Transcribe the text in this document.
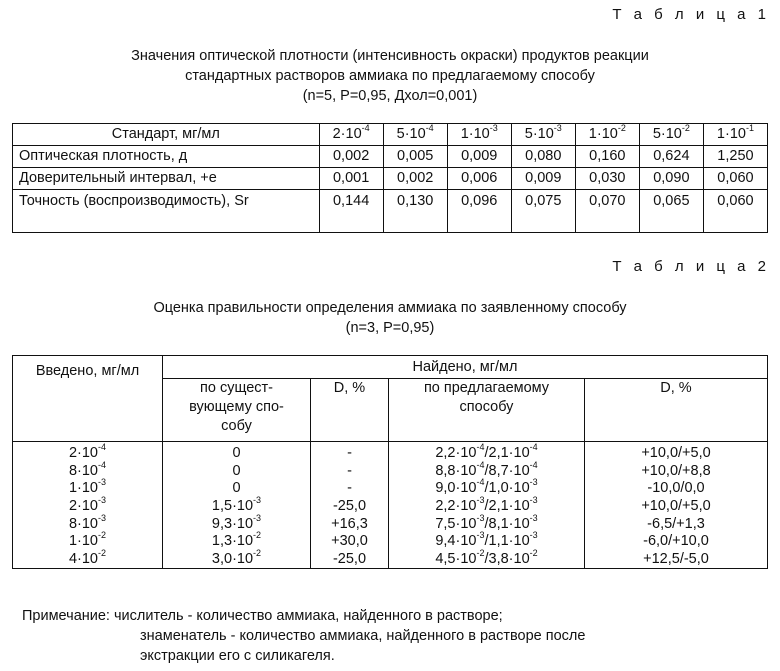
Т а б л и ц а 1
Значения оптической плотности (интенсивность окраски) продуктов реакции
стандартных растворов аммиака по предлагаемому способу
(n=5, P=0,95, Дхол=0,001)
Стандарт, мг/мл	$2\cdot 10^{-4}$	$5\cdot 10^{-4}$	$1\cdot 10^{-3}$	$5\cdot 10^{-3}$	$1\cdot 10^{-2}$	$5\cdot 10^{-2}$	$1\cdot 10^{-1}$
Оптическая плотность, д	0,002	0,005	0,009	0,080	0,160	0,624	1,250
Доверительный интервал, +е	0,001	0,002	0,006	0,009	0,030	0,090	0,060
Точность (воспроизводимость), Sr	0,144	0,130	0,096	0,075	0,070	0,065	0,060
Т а б л и ц а 2
Оценка правильности определения аммиака по заявленному способу
(n=3, P=0,95)
Введено, мг/мл	Найдено, мг/мл			
	по сущест-вующему спо-собу	D, %	по предлагаемому способу	D, %
$2\cdot 10^{-4}$	0	-	$2,2\cdot 10^{-4}/2,1\cdot 10^{-4}$	+10,0/+5,0
$8\cdot 10^{-4}$	0	-	$8,8\cdot 10^{-4}/8,7\cdot 10^{-4}$	+10,0/+8,8
$1\cdot 10^{-3}$	0	-	$9,0\cdot 10^{-4}/1,0\cdot 10^{-3}$	-10,0/0,0
$2\cdot 10^{-3}$	$1,5\cdot 10^{-3}$	-25,0	$2,2\cdot 10^{-3}/2,1\cdot 10^{-3}$	+10,0/+5,0
$8\cdot 10^{-3}$	$9,3\cdot 10^{-3}$	+16,3	$7,5\cdot 10^{-3}/8,1\cdot 10^{-3}$	-6,5/+1,3
$1\cdot 10^{-2}$	$1,3\cdot 10^{-2}$	+30,0	$9,4\cdot 10^{-3}/1,1\cdot 10^{-3}$	-6,0/+10,0
$4\cdot 10^{-2}$	$3,0\cdot 10^{-2}$	-25,0	$4,5\cdot 10^{-2}/3,8\cdot 10^{-2}$	+12,5/-5,0
Примечание: числитель - количество аммиака, найденного в растворе;
знаменатель - количество аммиака, найденного в растворе после
экстракции его с силикагеля.
